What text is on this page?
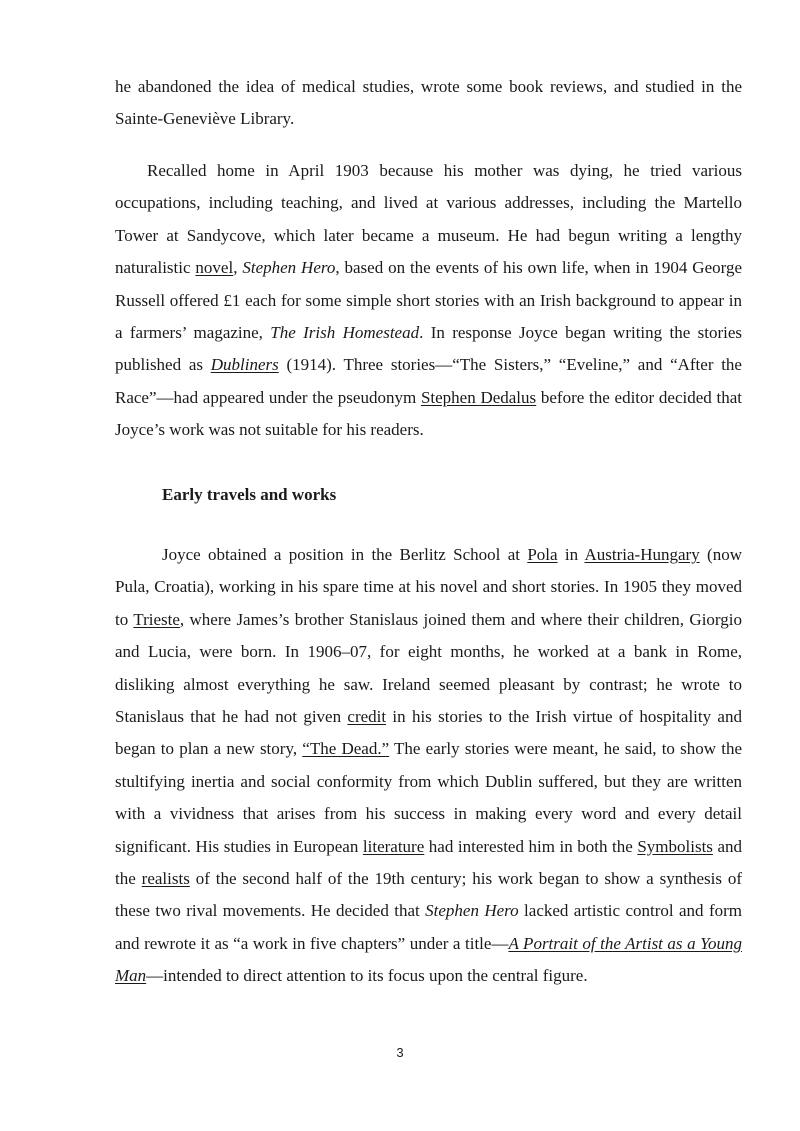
he abandoned the idea of medical studies, wrote some book reviews, and studied in the Sainte-Geneviève Library.

Recalled home in April 1903 because his mother was dying, he tried various occupations, including teaching, and lived at various addresses, including the Martello Tower at Sandycove, which later became a museum. He had begun writing a lengthy naturalistic novel, Stephen Hero, based on the events of his own life, when in 1904 George Russell offered £1 each for some simple short stories with an Irish background to appear in a farmers’ magazine, The Irish Homestead. In response Joyce began writing the stories published as Dubliners (1914). Three stories—“The Sisters,” “Eveline,” and “After the Race”—had appeared under the pseudonym Stephen Dedalus before the editor decided that Joyce’s work was not suitable for his readers.

Early travels and works

Joyce obtained a position in the Berlitz School at Pola in Austria-Hungary (now Pula, Croatia), working in his spare time at his novel and short stories. In 1905 they moved to Trieste, where James’s brother Stanislaus joined them and where their children, Giorgio and Lucia, were born. In 1906–07, for eight months, he worked at a bank in Rome, disliking almost everything he saw. Ireland seemed pleasant by contrast; he wrote to Stanislaus that he had not given credit in his stories to the Irish virtue of hospitality and began to plan a new story, “The Dead.” The early stories were meant, he said, to show the stultifying inertia and social conformity from which Dublin suffered, but they are written with a vividness that arises from his success in making every word and every detail significant. His studies in European literature had interested him in both the Symbolists and the realists of the second half of the 19th century; his work began to show a synthesis of these two rival movements. He decided that Stephen Hero lacked artistic control and form and rewrote it as “a work in five chapters” under a title—A Portrait of the Artist as a Young Man—intended to direct attention to its focus upon the central figure.

3
